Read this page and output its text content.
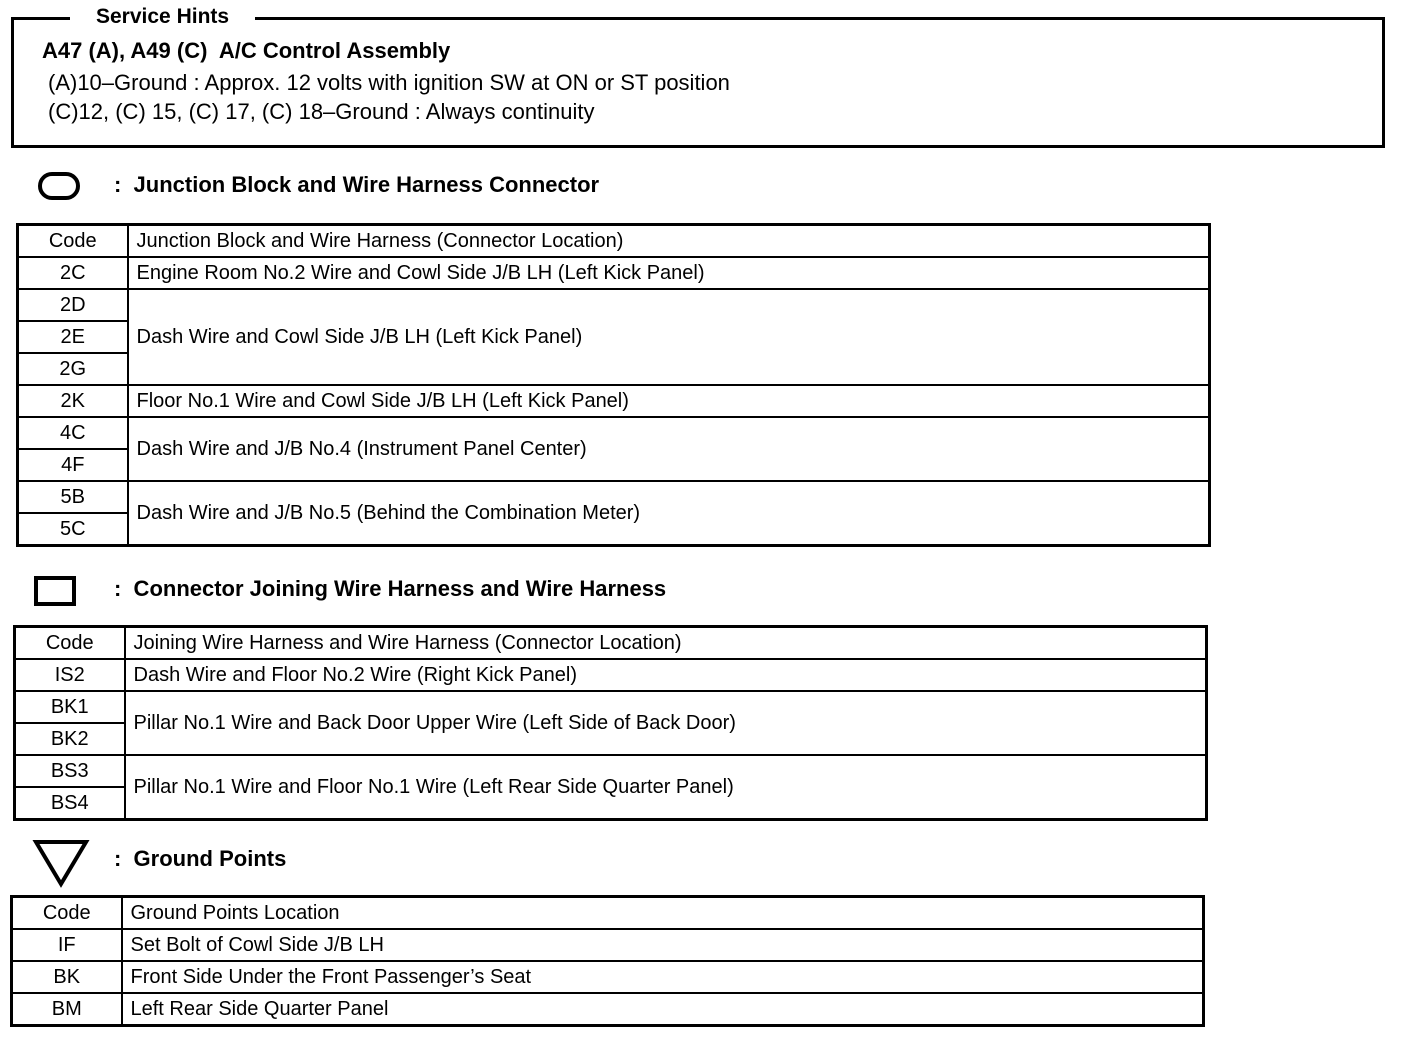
Service Hints
A47 (A), A49 (C)  A/C Control Assembly
(A)10–Ground : Approx. 12 volts with ignition SW at ON or ST position
(C)12, (C) 15, (C) 17, (C) 18–Ground : Always continuity
:  Junction Block and Wire Harness Connector
Code	Junction Block and Wire Harness (Connector Location)
2C	Engine Room No.2 Wire and Cowl Side J/B LH (Left Kick Panel)
2D	Dash Wire and Cowl Side J/B LH (Left Kick Panel)
2E	
2G	
2K	Floor No.1 Wire and Cowl Side J/B LH (Left Kick Panel)
4C	Dash Wire and J/B No.4 (Instrument Panel Center)
4F	
5B	Dash Wire and J/B No.5 (Behind the Combination Meter)
5C	
:  Connector Joining Wire Harness and Wire Harness
Code	Joining Wire Harness and Wire Harness (Connector Location)
IS2	Dash Wire and Floor No.2 Wire (Right Kick Panel)
BK1	Pillar No.1 Wire and Back Door Upper Wire (Left Side of Back Door)
BK2	
BS3	Pillar No.1 Wire and Floor No.1 Wire (Left Rear Side Quarter Panel)
BS4	
:  Ground Points
Code	Ground Points Location
IF	Set Bolt of Cowl Side J/B LH
BK	Front Side Under the Front Passenger’s Seat
BM	Left Rear Side Quarter Panel
